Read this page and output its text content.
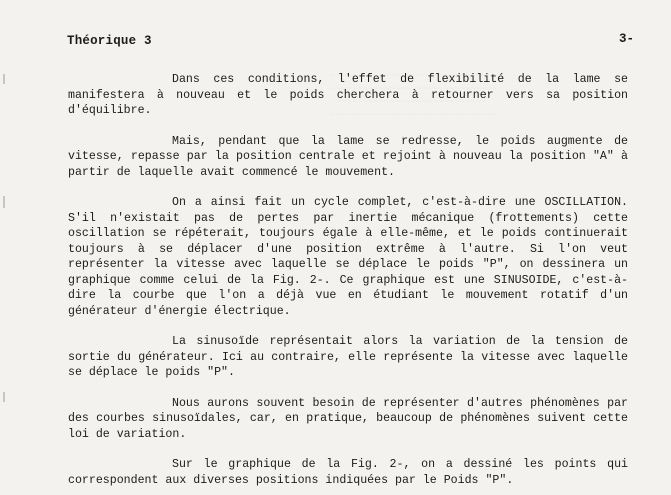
Théorique 3	3-

Dans ces conditions, l'effet de flexibilité de la lame se manifestera à nouveau et le poids cherchera à retourner vers sa position d'équilibre.

Mais, pendant que la lame se redresse, le poids augmente de vitesse, repasse par la position centrale et rejoint à nouveau la position "A" à partir de laquelle avait commencé le mouvement.

On a ainsi fait un cycle complet, c'est-à-dire une OSCILLATION. S'il n'existait pas de pertes par inertie mécanique (frottements) cette oscillation se répéterait, toujours égale à elle-même, et le poids continuerait toujours à se déplacer d'une position extrême à l'autre. Si l'on veut représenter la vitesse avec laquelle se déplace le poids "P", on dessinera un graphique comme celui de la Fig. 2-. Ce graphique est une SINUSOIDE, c'est-à-dire la courbe que l'on a déjà vue en étudiant le mouvement rotatif d'un générateur d'énergie électrique.

La sinusoïde représentait alors la variation de la tension de sortie du générateur. Ici au contraire, elle représente la vitesse avec laquelle se déplace le poids "P".

Nous aurons souvent besoin de représenter d'autres phénomènes par des courbes sinusoïdales, car, en pratique, beaucoup de phénomènes suivent cette loi de variation.

Sur le graphique de la Fig. 2-, on a dessiné les points qui correspondent aux diverses positions indiquées par le Poids "P".
